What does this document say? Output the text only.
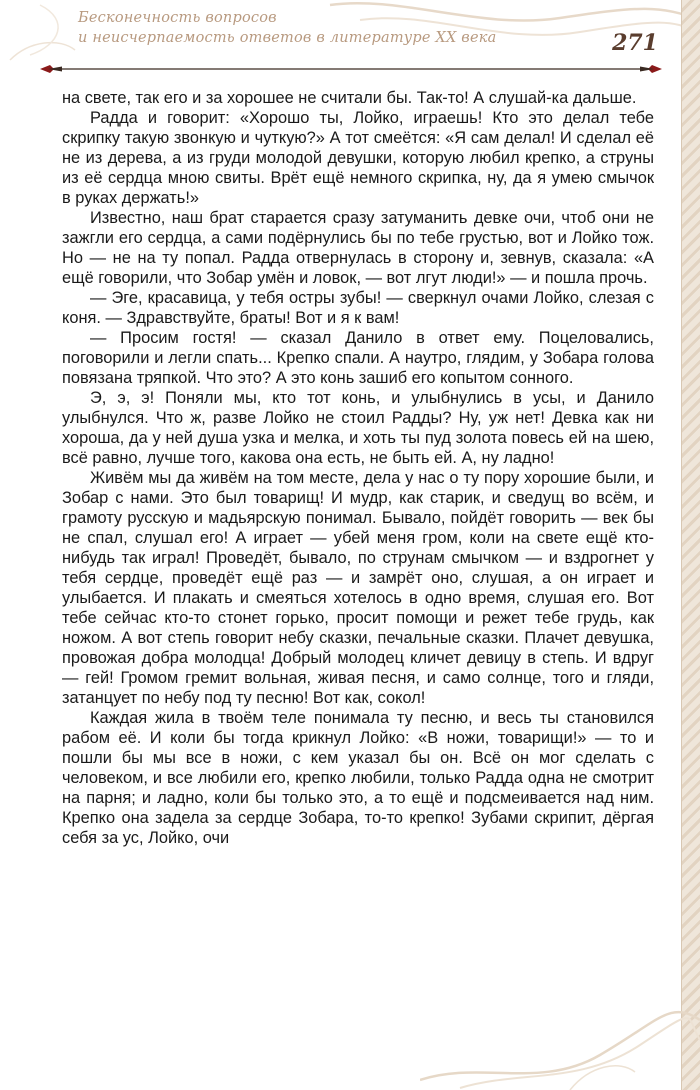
Бесконечность вопросов
и неисчерпаемость ответов в литературе XX века	271

на свете, так его и за хорошее не считали бы. Так-то! А слушай-ка дальше.

Радда и говорит: «Хорошо ты, Лойко, играешь! Кто это делал тебе скрипку такую звонкую и чуткую?» А тот смеётся: «Я сам делал! И сделал её не из дерева, а из груди молодой девушки, которую любил крепко, а струны из её сердца мною свиты. Врёт ещё немного скрипка, ну, да я умею смычок в руках держать!»

Известно, наш брат старается сразу затуманить девке очи, чтоб они не зажгли его сердца, а сами подёрнулись бы по тебе грустью, вот и Лойко тож. Но — не на ту попал. Радда отвернулась в сторону и, зевнув, сказала: «А ещё говорили, что Зобар умён и ловок, — вот лгут люди!» — и пошла прочь.

— Эге, красавица, у тебя остры зубы! — сверкнул очами Лойко, слезая с коня. — Здравствуйте, браты! Вот и я к вам!

— Просим гостя! — сказал Данило в ответ ему. Поцеловались, поговорили и легли спать... Крепко спали. А наутро, глядим, у Зобара голова повязана тряпкой. Что это? А это конь зашиб его копытом сонного.

Э, э, э! Поняли мы, кто тот конь, и улыбнулись в усы, и Данило улыбнулся. Что ж, разве Лойко не стоил Радды? Ну, уж нет! Девка как ни хороша, да у ней душа узка и мелка, и хоть ты пуд золота повесь ей на шею, всё равно, лучше того, какова она есть, не быть ей. А, ну ладно!

Живём мы да живём на том месте, дела у нас о ту пору хорошие были, и Зобар с нами. Это был товарищ! И мудр, как старик, и сведущ во всём, и грамоту русскую и мадьярскую понимал. Бывало, пойдёт говорить — век бы не спал, слушал его! А играет — убей меня гром, коли на свете ещё кто-нибудь так играл! Проведёт, бывало, по струнам смычком — и вздрогнет у тебя сердце, проведёт ещё раз — и замрёт оно, слушая, а он играет и улыбается. И плакать и смеяться хотелось в одно время, слушая его. Вот тебе сейчас кто-то стонет горько, просит помощи и режет тебе грудь, как ножом. А вот степь говорит небу сказки, печальные сказки. Плачет девушка, провожая добра молодца! Добрый молодец кличет девицу в степь. И вдруг — гей! Громом гремит вольная, живая песня, и само солнце, того и гляди, затанцует по небу под ту песню! Вот как, сокол!

Каждая жила в твоём теле понимала ту песню, и весь ты становился рабом её. И коли бы тогда крикнул Лойко: «В ножи, товарищи!» — то и пошли бы мы все в ножи, с кем указал бы он. Всё он мог сделать с человеком, и все любили его, крепко любили, только Радда одна не смотрит на парня; и ладно, коли бы только это, а то ещё и подсмеивается над ним. Крепко она задела за сердце Зобара, то-то крепко! Зубами скрипит, дёргая себя за ус, Лойко, очи
